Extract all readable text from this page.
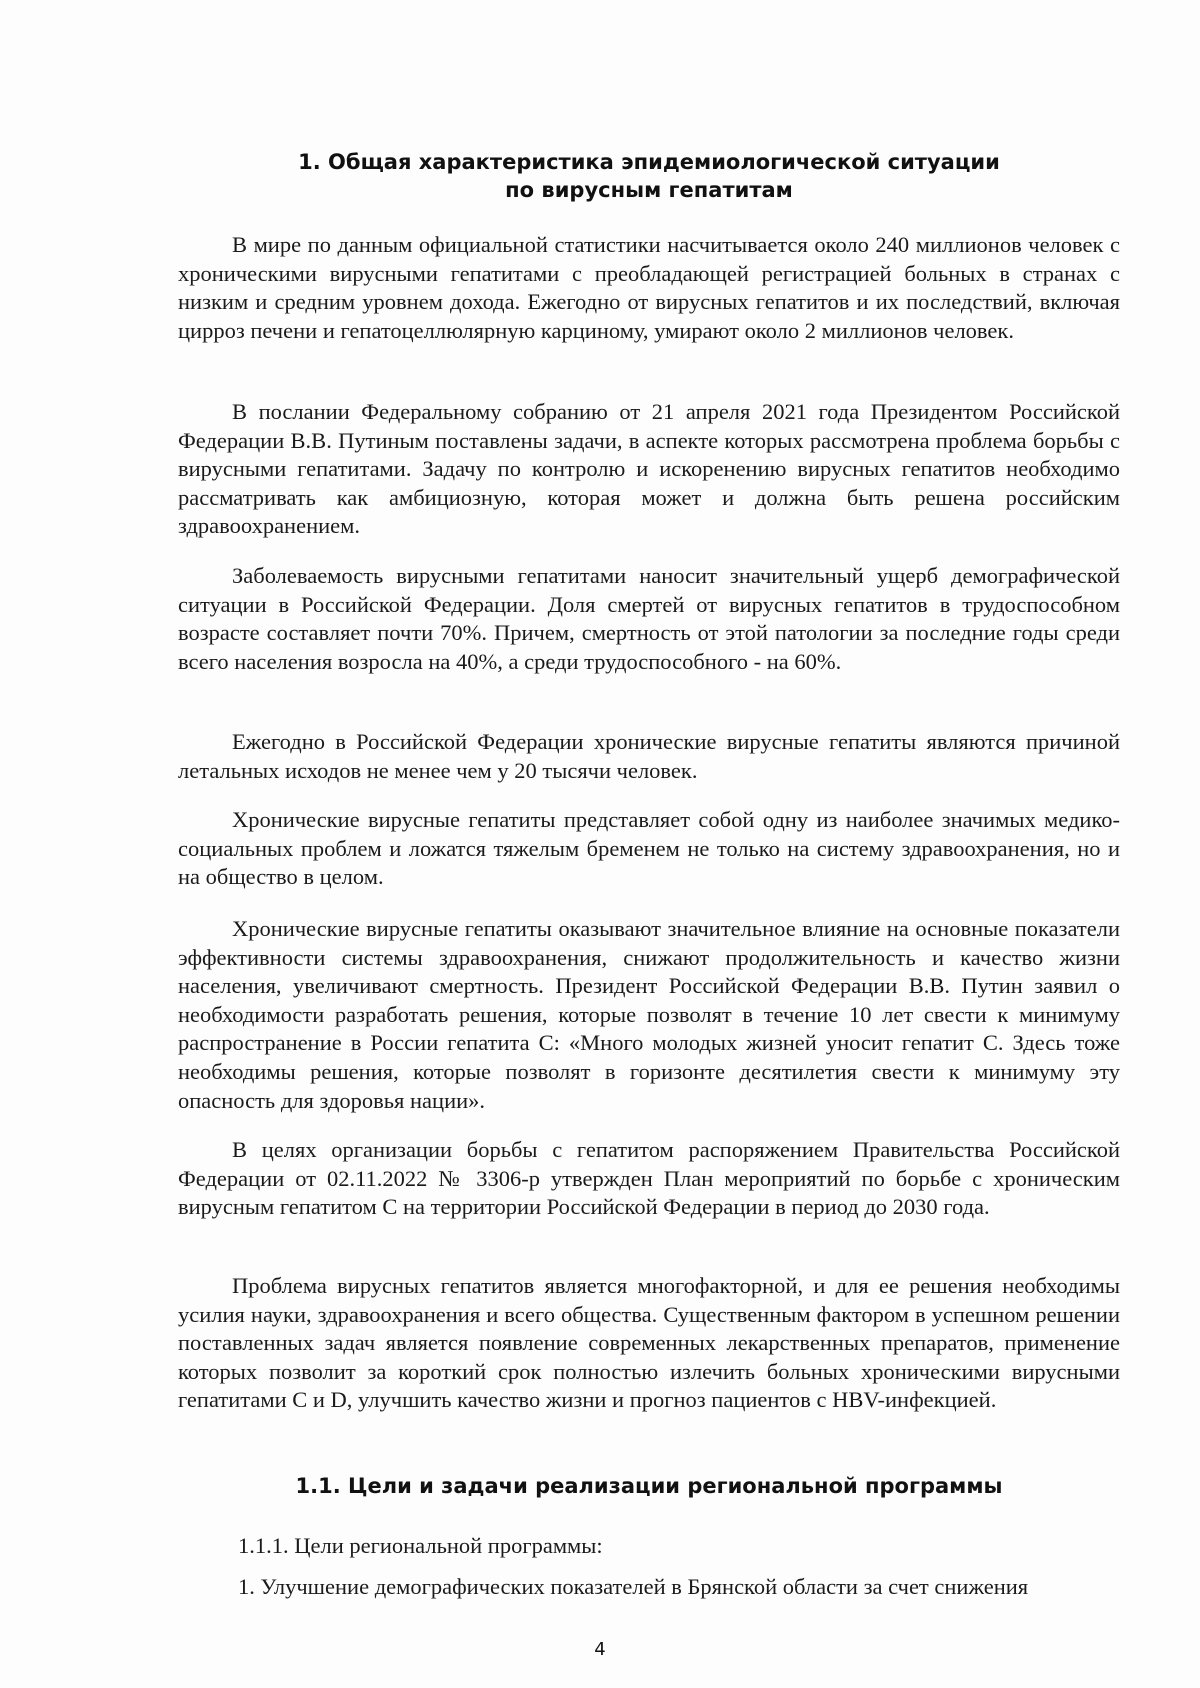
1. Общая характеристика эпидемиологической ситуации
по вирусным гепатитам

В мире по данным официальной статистики насчитывается около 240 миллионов человек с хроническими вирусными гепатитами с преобладающей регистрацией больных в странах с низким и средним уровнем дохода. Ежегодно от вирусных гепатитов и их последствий, включая цирроз печени и гепатоцеллюлярную карциному, умирают около 2 миллионов человек.

В послании Федеральному собранию от 21 апреля 2021 года Президентом Российской Федерации В.В. Путиным поставлены задачи, в аспекте которых рассмотрена проблема борьбы с вирусными гепатитами. Задачу по контролю и искоренению вирусных гепатитов необходимо рассматривать как амбициозную, которая может и должна быть решена российским здравоохранением.

Заболеваемость вирусными гепатитами наносит значительный ущерб демографической ситуации в Российской Федерации. Доля смертей от вирусных гепатитов в трудоспособном возрасте составляет почти 70%. Причем, смертность от этой патологии за последние годы среди всего населения возросла на 40%, а среди трудоспособного - на 60%.

Ежегодно в Российской Федерации хронические вирусные гепатиты являются причиной летальных исходов не менее чем у 20 тысячи человек.

Хронические вирусные гепатиты представляет собой одну из наиболее значимых медико-социальных проблем и ложатся тяжелым бременем не только на систему здравоохранения, но и на общество в целом.

Хронические вирусные гепатиты оказывают значительное влияние на основные показатели эффективности системы здравоохранения, снижают продолжительность и качество жизни населения, увеличивают смертность. Президент Российской Федерации В.В. Путин заявил о необходимости разработать решения, которые позволят в течение 10 лет свести к минимуму распространение в России гепатита С: «Много молодых жизней уносит гепатит С. Здесь тоже необходимы решения, которые позволят в горизонте десятилетия свести к минимуму эту опасность для здоровья нации».

В целях организации борьбы с гепатитом распоряжением Правительства Российской Федерации от 02.11.2022 № 3306-р утвержден План мероприятий по борьбе с хроническим вирусным гепатитом С на территории Российской Федерации в период до 2030 года.

Проблема вирусных гепатитов является многофакторной, и для ее решения необходимы усилия науки, здравоохранения и всего общества. Существенным фактором в успешном решении поставленных задач является появление современных лекарственных препаратов, применение которых позволит за короткий срок полностью излечить больных хроническими вирусными гепатитами С и D, улучшить качество жизни и прогноз пациентов с HBV-инфекцией.

1.1. Цели и задачи реализации региональной программы

1.1.1. Цели региональной программы:

1. Улучшение демографических показателей в Брянской области за счет снижения

4
